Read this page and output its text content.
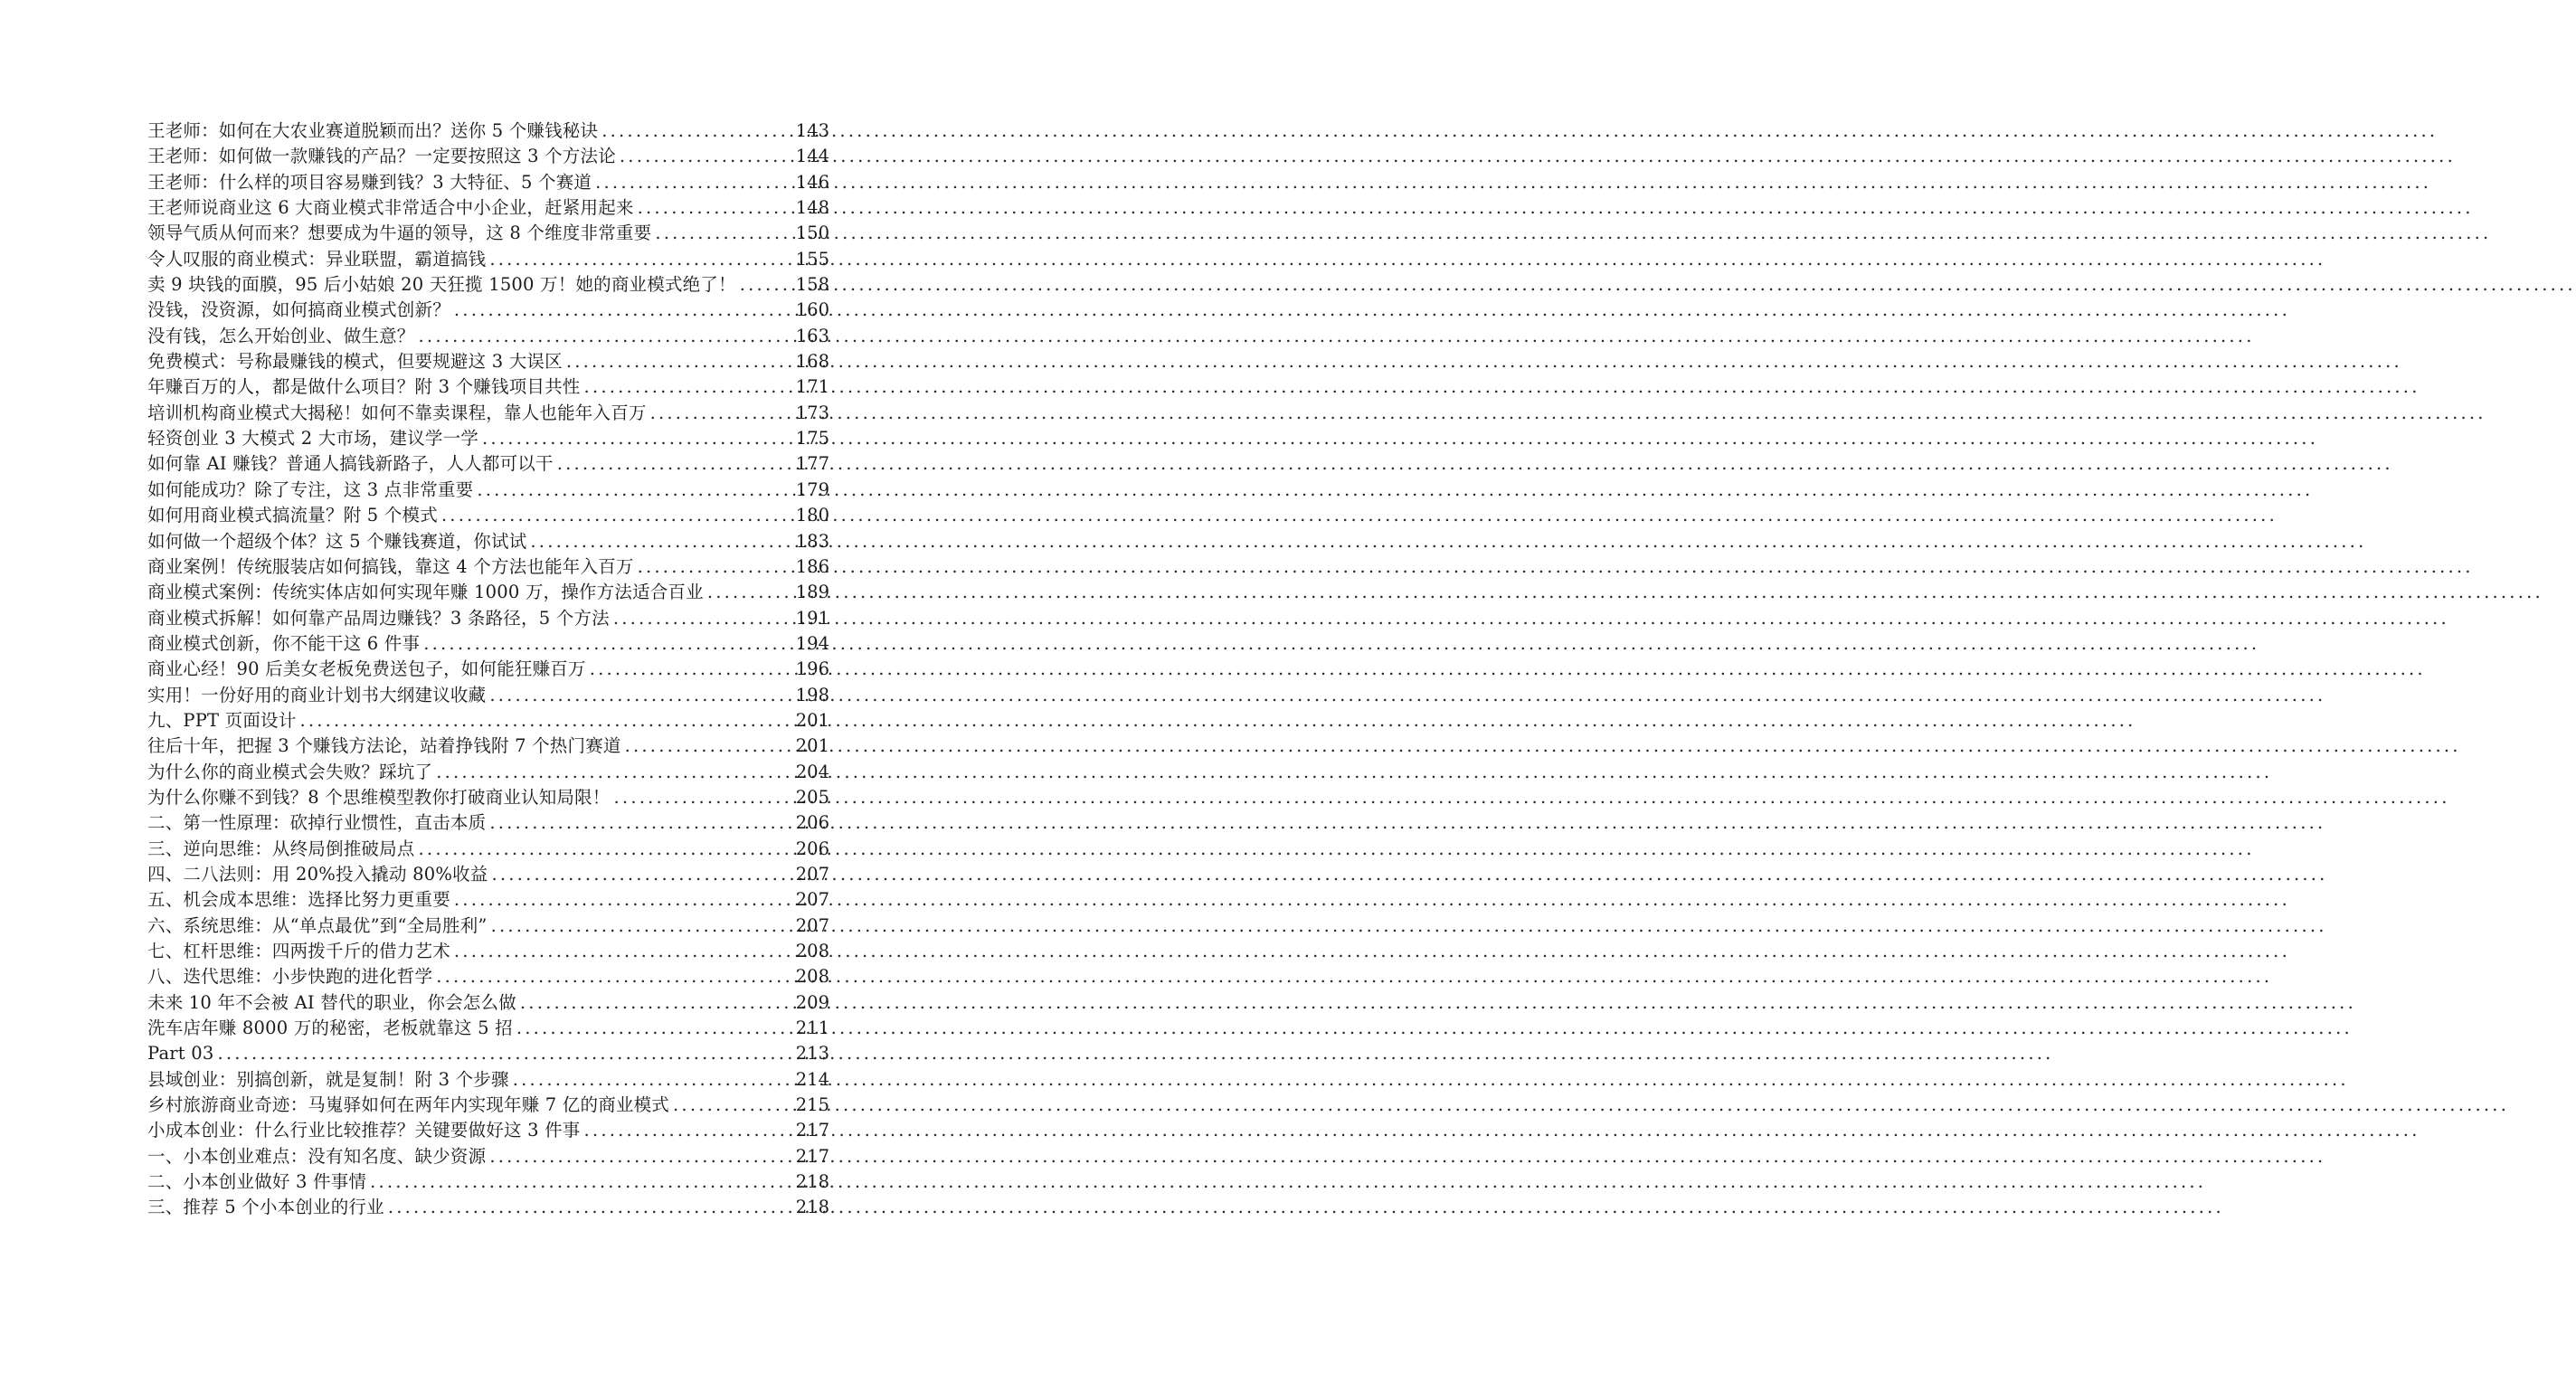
王老师：如何在大农业赛道脱颖而出？送你 5 个赚钱秘诀 .....	143
王老师：如何做一款赚钱的产品？一定要按照这 3 个方法论 .....	144
王老师：什么样的项目容易赚到钱？3 大特征、5 个赛道 .....	146
王老师说商业这 6 大商业模式非常适合中小企业，赶紧用起来 .....	148
领导气质从何而来？想要成为牛逼的领导，这 8 个维度非常重要 .....	150
令人叹服的商业模式：异业联盟，霸道搞钱 .....	155
卖 9 块钱的面膜，95 后小姑娘 20 天狂揽 1500 万！她的商业模式绝了！ .....	158
没钱，没资源，如何搞商业模式创新？ .....	160
没有钱，怎么开始创业、做生意？ .....	163
免费模式：号称最赚钱的模式，但要规避这 3 大误区 .....	168
年赚百万的人，都是做什么项目？附 3 个赚钱项目共性 .....	171
培训机构商业模式大揭秘！如何不靠卖课程，靠人也能年入百万 .....	173
轻资创业 3 大模式 2 大市场，建议学一学 .....	175
如何靠 AI 赚钱？普通人搞钱新路子，人人都可以干 .....	177
如何能成功？除了专注，这 3 点非常重要 .....	179
如何用商业模式搞流量？附 5 个模式 .....	180
如何做一个超级个体？这 5 个赚钱赛道，你试试 .....	183
商业案例！传统服装店如何搞钱，靠这 4 个方法也能年入百万 .....	186
商业模式案例：传统实体店如何实现年赚 1000 万，操作方法适合百业 .....	189
商业模式拆解！如何靠产品周边赚钱？3 条路径，5 个方法 .....	191
商业模式创新，你不能干这 6 件事 .....	194
商业心经！90 后美女老板免费送包子，如何能狂赚百万 .....	196
实用！一份好用的商业计划书大纲建议收藏 .....	198
九、PPT 页面设计 .....	201
往后十年，把握 3 个赚钱方法论，站着挣钱附 7 个热门赛道 .....	201
为什么你的商业模式会失败？踩坑了 .....	204
为什么你赚不到钱？8 个思维模型教你打破商业认知局限！ .....	205
二、第一性原理：砍掉行业惯性，直击本质 .....	206
三、逆向思维：从终局倒推破局点 .....	206
四、二八法则：用 20%投入撬动 80%收益 .....	207
五、机会成本思维：选择比努力更重要 .....	207
六、系统思维：从“单点最优”到“全局胜利” .....	207
七、杠杆思维：四两拨千斤的借力艺术 .....	208
八、迭代思维：小步快跑的进化哲学 .....	208
未来 10 年不会被 AI 替代的职业，你会怎么做 .....	209
洗车店年赚 8000 万的秘密，老板就靠这 5 招 .....	211
Part 03 .....	213
县域创业：别搞创新，就是复制！附 3 个步骤 .....	214
乡村旅游商业奇迹：马嵬驿如何在两年内实现年赚 7 亿的商业模式 .....	215
小成本创业：什么行业比较推荐？关键要做好这 3 件事 .....	217
一、小本创业难点：没有知名度、缺少资源 .....	217
二、小本创业做好 3 件事情 .....	218
三、推荐 5 个小本创业的行业 .....	218
